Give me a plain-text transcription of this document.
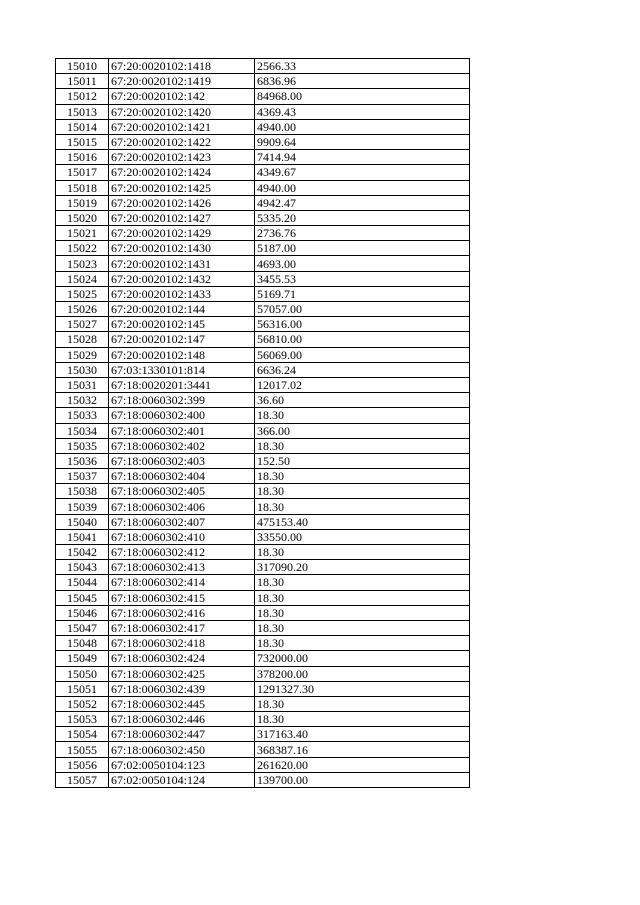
15010	67:20:0020102:1418	2566.33
15011	67:20:0020102:1419	6836.96
15012	67:20:0020102:142	84968.00
15013	67:20:0020102:1420	4369.43
15014	67:20:0020102:1421	4940.00
15015	67:20:0020102:1422	9909.64
15016	67:20:0020102:1423	7414.94
15017	67:20:0020102:1424	4349.67
15018	67:20:0020102:1425	4940.00
15019	67:20:0020102:1426	4942.47
15020	67:20:0020102:1427	5335.20
15021	67:20:0020102:1429	2736.76
15022	67:20:0020102:1430	5187.00
15023	67:20:0020102:1431	4693.00
15024	67:20:0020102:1432	3455.53
15025	67:20:0020102:1433	5169.71
15026	67:20:0020102:144	57057.00
15027	67:20:0020102:145	56316.00
15028	67:20:0020102:147	56810.00
15029	67:20:0020102:148	56069.00
15030	67:03:1330101:814	6636.24
15031	67:18:0020201:3441	12017.02
15032	67:18:0060302:399	36.60
15033	67:18:0060302:400	18.30
15034	67:18:0060302:401	366.00
15035	67:18:0060302:402	18.30
15036	67:18:0060302:403	152.50
15037	67:18:0060302:404	18.30
15038	67:18:0060302:405	18.30
15039	67:18:0060302:406	18.30
15040	67:18:0060302:407	475153.40
15041	67:18:0060302:410	33550.00
15042	67:18:0060302:412	18.30
15043	67:18:0060302:413	317090.20
15044	67:18:0060302:414	18.30
15045	67:18:0060302:415	18.30
15046	67:18:0060302:416	18.30
15047	67:18:0060302:417	18.30
15048	67:18:0060302:418	18.30
15049	67:18:0060302:424	732000.00
15050	67:18:0060302:425	378200.00
15051	67:18:0060302:439	1291327.30
15052	67:18:0060302:445	18.30
15053	67:18:0060302:446	18.30
15054	67:18:0060302:447	317163.40
15055	67:18:0060302:450	368387.16
15056	67:02:0050104:123	261620.00
15057	67:02:0050104:124	139700.00
